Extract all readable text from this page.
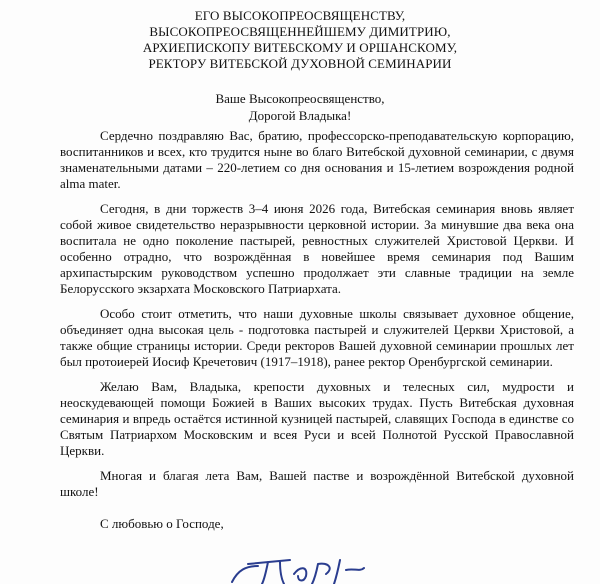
ЕГО ВЫСОКОПРЕОСВЯЩЕНСТВУ,
ВЫСОКОПРЕОСВЯЩЕННЕЙШЕМУ ДИМИТРИЮ,
АРХИЕПИСКОПУ ВИТЕБСКОМУ И ОРШАНСКОМУ,
РЕКТОРУ ВИТЕБСКОЙ ДУХОВНОЙ СЕМИНАРИИ
Ваше Высокопреосвященство,
Дорогой Владыка!

Сердечно поздравляю Вас, братию, профессорско-преподавательскую корпорацию, воспитанников и всех, кто трудится ныне во благо Витебской духовной семинарии, с двумя знаменательными датами – 220-летием со дня основания и 15-летием возрождения родной alma mater.

Сегодня, в дни торжеств 3–4 июня 2026 года, Витебская семинария вновь являет собой живое свидетельство неразрывности церковной истории. За минувшие два века она воспитала не одно поколение пастырей, ревностных служителей Христовой Церкви. И особенно отрадно, что возрождённая в новейшее время семинария под Вашим архипастырским руководством успешно продолжает эти славные традиции на земле Белорусского экзархата Московского Патриархата.

Особо стоит отметить, что наши духовные школы связывает духовное общение, объединяет одна высокая цель - подготовка пастырей и служителей Церкви Христовой, а также общие страницы истории. Среди ректоров Вашей духовной семинарии прошлых лет был протоиерей Иосиф Кречетович (1917–1918), ранее ректор Оренбургской семинарии.

Желаю Вам, Владыка, крепости духовных и телесных сил, мудрости и неоскудевающей помощи Божией в Ваших высоких трудах. Пусть Витебская духовная семинария и впредь остаётся истинной кузницей пастырей, славящих Господа в единстве со Святым Патриархом Московским и всея Руси и всей Полнотой Русской Православной Церкви.

Многая и благая лета Вам, Вашей пастве и возрождённой Витебской духовной школе!

С любовью о Господе,
